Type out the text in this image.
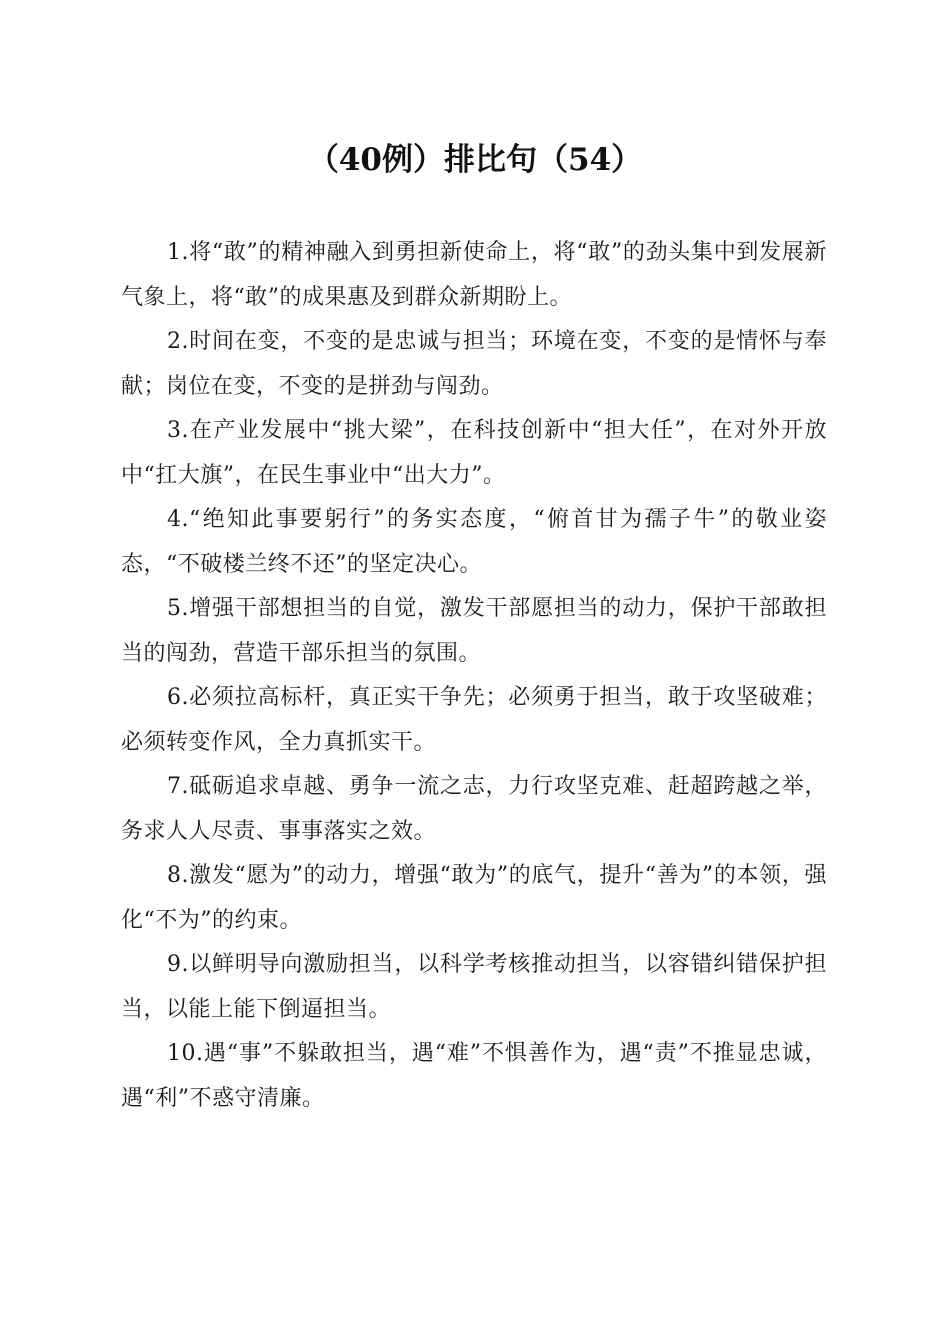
（40例）排比句（54）

1.将“敢”的精神融入到勇担新使命上，将“敢”的劲头集中到发展新气象上，将“敢”的成果惠及到群众新期盼上。

2.时间在变，不变的是忠诚与担当；环境在变，不变的是情怀与奉献；岗位在变，不变的是拼劲与闯劲。

3.在产业发展中“挑大梁”，在科技创新中“担大任”，在对外开放中“扛大旗”，在民生事业中“出大力”。

4.“绝知此事要躬行”的务实态度，“俯首甘为孺子牛”的敬业姿态，“不破楼兰终不还”的坚定决心。

5.增强干部想担当的自觉，激发干部愿担当的动力，保护干部敢担当的闯劲，营造干部乐担当的氛围。

6.必须拉高标杆，真正实干争先；必须勇于担当，敢于攻坚破难；必须转变作风，全力真抓实干。

7.砥砺追求卓越、勇争一流之志，力行攻坚克难、赶超跨越之举，务求人人尽责、事事落实之效。

8.激发“愿为”的动力，增强“敢为”的底气，提升“善为”的本领，强化“不为”的约束。

9.以鲜明导向激励担当，以科学考核推动担当，以容错纠错保护担当，以能上能下倒逼担当。

10.遇“事”不躲敢担当，遇“难”不惧善作为，遇“责”不推显忠诚，遇“利”不惑守清廉。
